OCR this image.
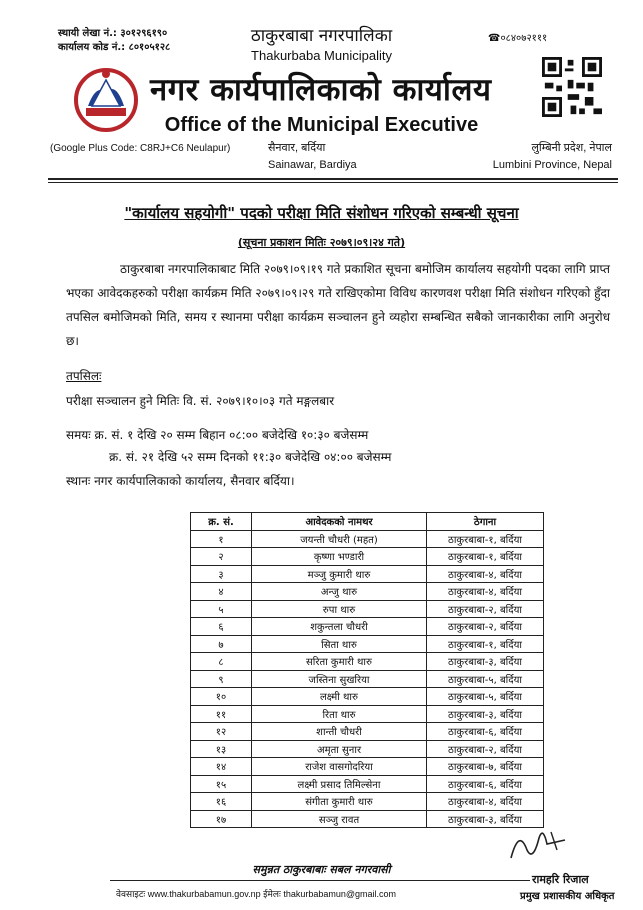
स्थायी लेखा नं.: ३०१२९६१९०
कार्यालय कोड नं.: ८०१०५१२८
☎०८४०७२१११
ठाकुरबाबा नगरपालिका
Thakurbaba Municipality
नगर कार्यपालिकाको कार्यालय
Office of the Municipal Executive
(Google Plus Code: C8RJ+C6 Neulapur)	सैनवार, बर्दिया
Sainawar, Bardiya
लुम्बिनी प्रदेश, नेपाल
Lumbini Province, Nepal
"कार्यालय सहयोगी" पदको परीक्षा मिति संशोधन गरिएको सम्बन्धी सूचना
(सूचना प्रकाशन मितिः २०७९।०९।२४ गते)
ठाकुरबाबा नगरपालिकाबाट मिति २०७९।०९।१९ गते प्रकाशित सूचना बमोजिम कार्यालय सहयोगी पदका लागि प्राप्त भएका आवेदकहरुको परीक्षा कार्यक्रम मिति २०७९।०९।२९ गते राखिएकोमा विविध कारणवश परीक्षा मिति संशोधन गरिएको हुँदा तपसिल बमोजिमको मिति, समय र स्थानमा परीक्षा कार्यक्रम सञ्चालन हुने व्यहोरा सम्बन्धित सबैको जानकारीका लागि अनुरोध छ।
तपसिलः
परीक्षा सञ्चालन हुने मितिः वि. सं. २०७९।१०।०३ गते मङ्गलबार
समयः क्र. सं. १ देखि २० सम्म बिहान ०८:०० बजेदेखि १०:३० बजेसम्म
क्र. सं. २१ देखि ५२ सम्म दिनको ११:३० बजेदेखि ०४:०० बजेसम्म
स्थानः नगर कार्यपालिकाको कार्यालय, सैनवार बर्दिया।
क्र. सं.	आवेदकको नामथर	ठेगाना
१	जयन्ती चौधरी (महत)	ठाकुरबाबा-१, बर्दिया
२	कृष्णा भण्डारी	ठाकुरबाबा-१, बर्दिया
३	मञ्जु कुमारी थारु	ठाकुरबाबा-४, बर्दिया
४	अन्जु थारु	ठाकुरबाबा-४, बर्दिया
५	रुपा थारु	ठाकुरबाबा-२, बर्दिया
६	शकुन्तला चौधरी	ठाकुरबाबा-२, बर्दिया
७	सिता थारु	ठाकुरबाबा-१, बर्दिया
८	सरिता कुमारी थारु	ठाकुरबाबा-३, बर्दिया
९	जस्तिना सुखरिया	ठाकुरबाबा-५, बर्दिया
१०	लक्ष्मी थारु	ठाकुरबाबा-५, बर्दिया
११	रिता थारु	ठाकुरबाबा-३, बर्दिया
१२	शान्ती चौधरी	ठाकुरबाबा-६, बर्दिया
१३	अमृता सुनार	ठाकुरबाबा-२, बर्दिया
१४	राजेश वासगोदरिया	ठाकुरबाबा-७, बर्दिया
१५	लक्ष्मी प्रसाद तिमिल्सेना	ठाकुरबाबा-६, बर्दिया
१६	संगीता कुमारी थारु	ठाकुरबाबा-४, बर्दिया
१७	सञ्जु रावत	ठाकुरबाबा-३, बर्दिया
समुन्नत ठाकुरबाबाः सबल नगरवासी
वेवसाइटः www.thakurbabamun.gov.np ईमेलः thakurbabamun@gmail.com
रामहरि रिजाल
प्रमुख प्रशासकीय अधिकृत
